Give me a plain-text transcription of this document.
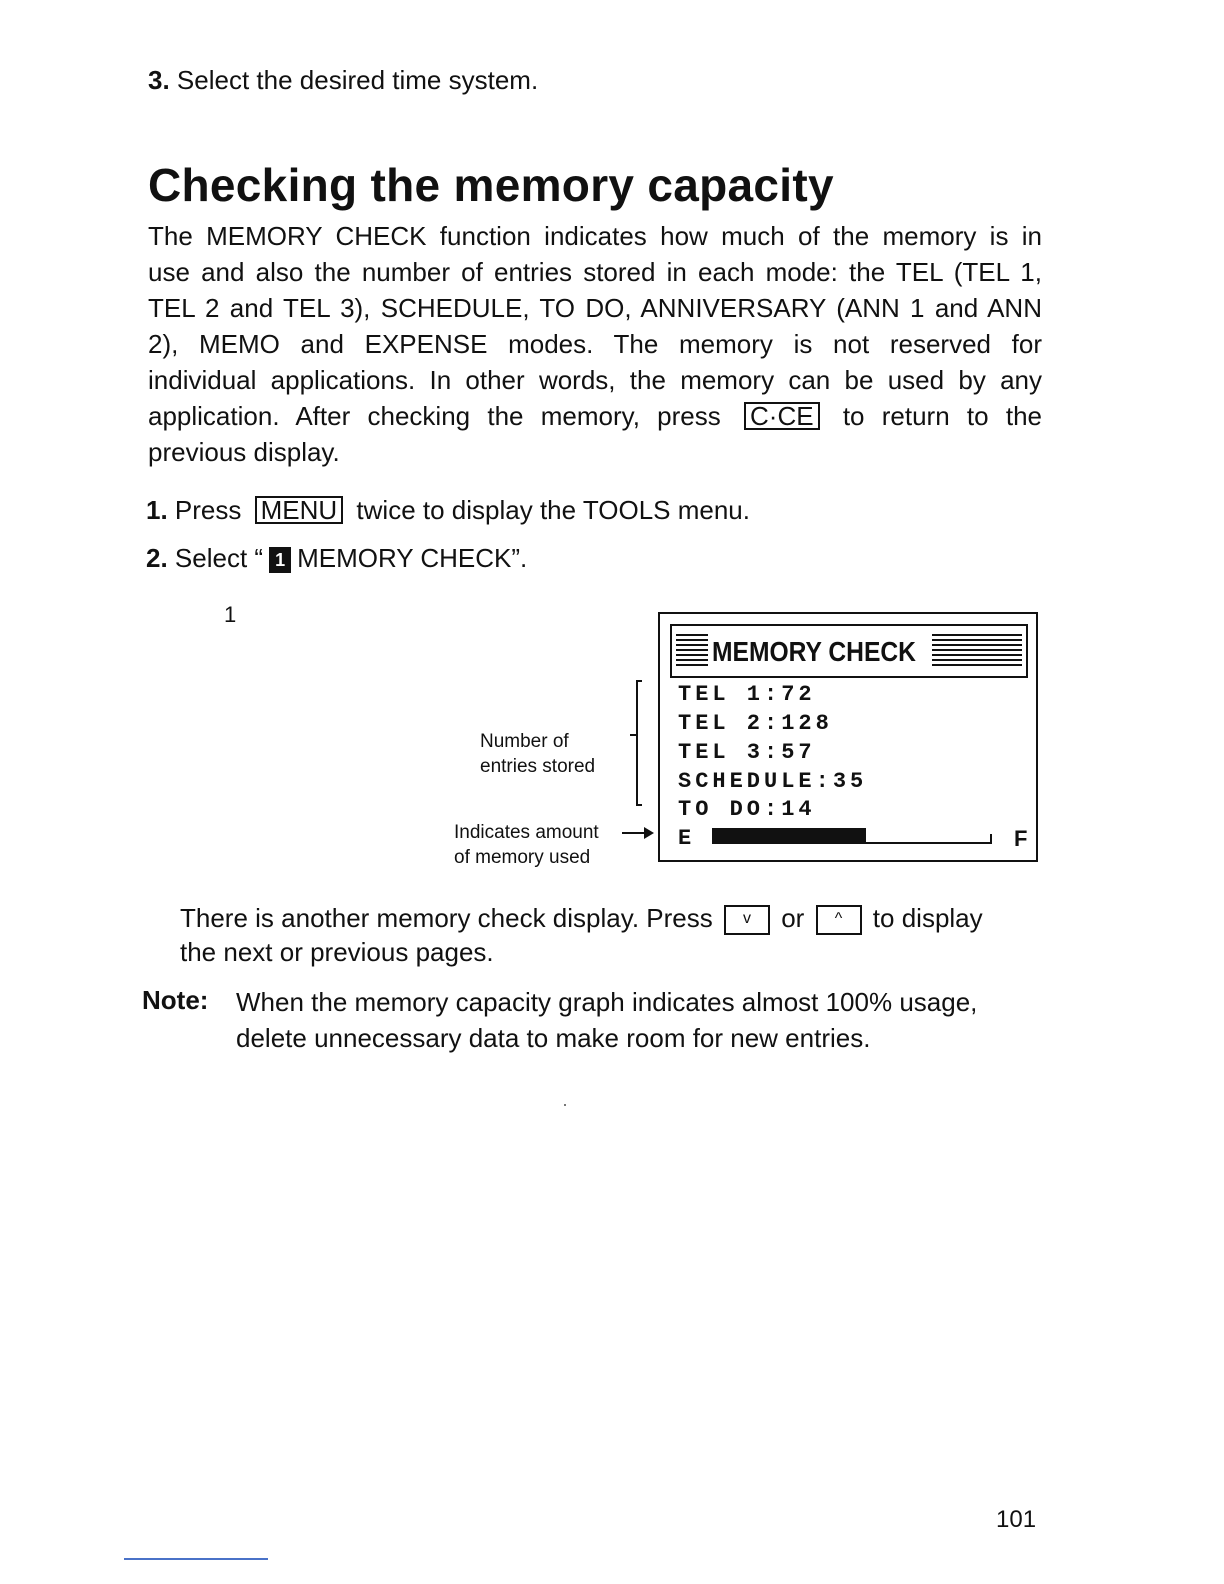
3. Select the desired time system.
Checking the memory capacity
The MEMORY CHECK function indicates how much of the memory is in
use and also the number of entries stored in each mode: the TEL (TEL 1,
TEL 2 and TEL 3), SCHEDULE, TO DO, ANNIVERSARY (ANN 1 and ANN
2), MEMO and EXPENSE modes. The memory is not reserved for
individual applications. In other words, the memory can be used by any
application. After checking the memory, press C·CE to return to the
previous display.
1. Press MENU twice to display the TOOLS menu.
2. Select “ 1 MEMORY CHECK”.
1
Number of
entries stored
Indicates amount
of memory used
MEMORY CHECK
TEL 1:72
TEL 2:128
TEL 3:57
SCHEDULE:35
TO DO:14
E	F
There is another memory check display. Press v or ^ to display
the next or previous pages.
Note: When the memory capacity graph indicates almost 100% usage,
delete unnecessary data to make room for new entries.
101
